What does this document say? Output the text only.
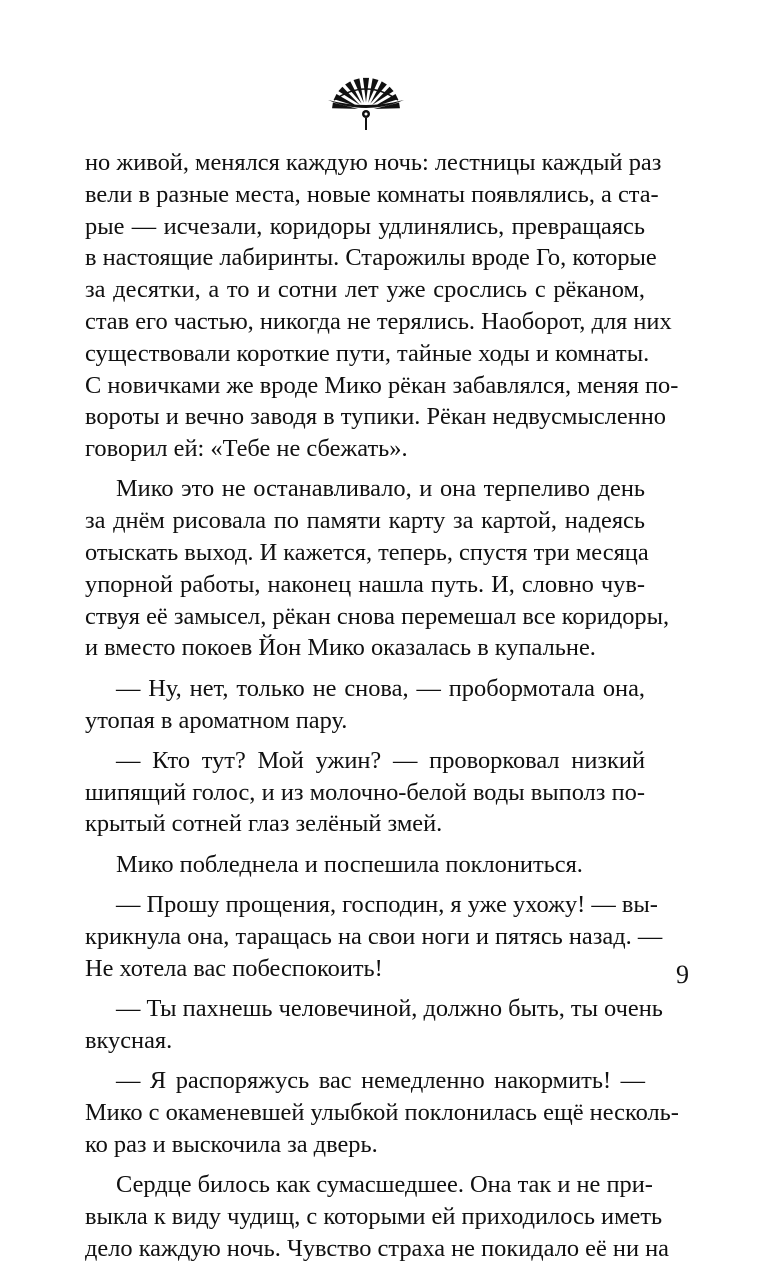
но живой, менялся каждую ночь: лестницы каждый раз
вели в разные места, новые комнаты появлялись, а ста-
рые — исчезали, коридоры удлинялись, превращаясь
в настоящие лабиринты. Старожилы вроде Го, которые
за десятки, а то и сотни лет уже срослись с рёканом,
став его частью, никогда не терялись. Наоборот, для них
существовали короткие пути, тайные ходы и комнаты.
С новичками же вроде Мико рёкан забавлялся, меняя по-
вороты и вечно заводя в тупики. Рёкан недвусмысленно
говорил ей: «Тебе не сбежать».
Мико это не останавливало, и она терпеливо день
за днём рисовала по памяти карту за картой, надеясь
отыскать выход. И кажется, теперь, спустя три месяца
упорной работы, наконец нашла путь. И, словно чув-
ствуя её замысел, рёкан снова перемешал все коридоры,
и вместо покоев Йон Мико оказалась в купальне.
— Ну, нет, только не снова, — пробормотала она,
утопая в ароматном пару.
— Кто тут? Мой ужин? — проворковал низкий
шипящий голос, и из молочно-белой воды выполз по-
крытый сотней глаз зелёный змей.
Мико побледнела и поспешила поклониться.
— Прошу прощения, господин, я уже ухожу! — вы-
крикнула она, таращась на свои ноги и пятясь назад. —
Не хотела вас побеспокоить!
— Ты пахнешь человечиной, должно быть, ты очень
вкусная.
— Я распоряжусь вас немедленно накормить! —
Мико с окаменевшей улыбкой поклонилась ещё несколь-
ко раз и выскочила за дверь.
Сердце билось как сумасшедшее. Она так и не при-
выкла к виду чудищ, с которыми ей приходилось иметь
дело каждую ночь. Чувство страха не покидало её ни на
9
